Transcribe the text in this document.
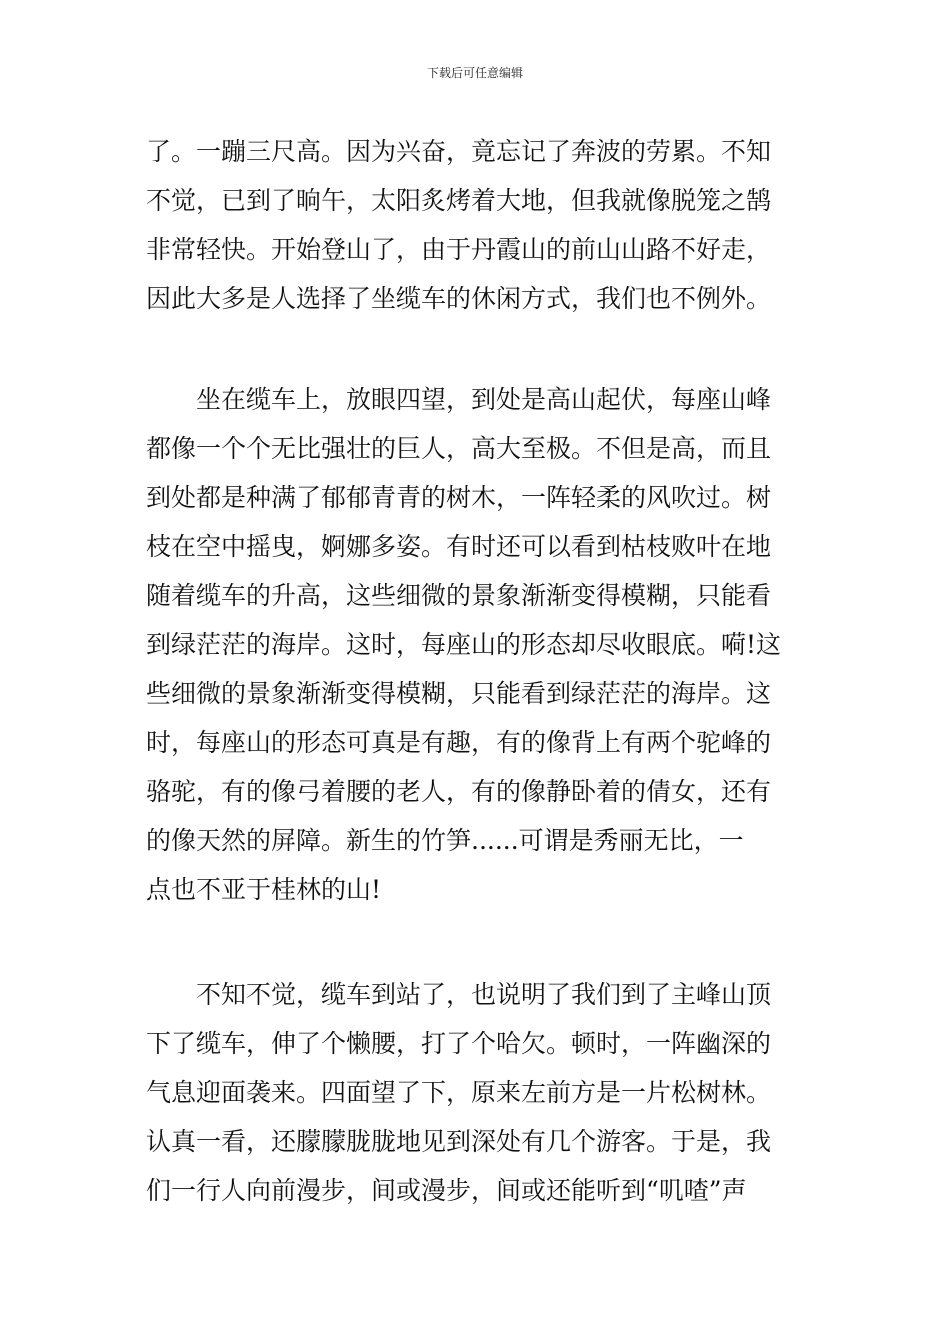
下载后可任意编辑
了。一蹦三尺高。因为兴奋，竟忘记了奔波的劳累。不知
不觉，已到了晌午，太阳炙烤着大地，但我就像脱笼之鹄
非常轻快。开始登山了，由于丹霞山的前山山路不好走，
因此大多是人选择了坐缆车的休闲方式，我们也不例外。
坐在缆车上，放眼四望，到处是高山起伏，每座山峰
都像一个个无比强壮的巨人，高大至极。不但是高，而且
到处都是种满了郁郁青青的树木，一阵轻柔的风吹过。树
枝在空中摇曳，婀娜多姿。有时还可以看到枯枝败叶在地
随着缆车的升高，这些细微的景象渐渐变得模糊，只能看
到绿茫茫的海岸。这时，每座山的形态却尽收眼底。嗬!这
些细微的景象渐渐变得模糊，只能看到绿茫茫的海岸。这
时，每座山的形态可真是有趣，有的像背上有两个驼峰的
骆驼，有的像弓着腰的老人，有的像静卧着的倩女，还有
的像天然的屏障。新生的竹笋......可谓是秀丽无比，一
点也不亚于桂林的山!
不知不觉，缆车到站了，也说明了我们到了主峰山顶
下了缆车，伸了个懒腰，打了个哈欠。顿时，一阵幽深的
气息迎面袭来。四面望了下，原来左前方是一片松树林。
认真一看，还朦朦胧胧地见到深处有几个游客。于是，我
们一行人向前漫步，间或漫步，间或还能听到“叽喳”声
